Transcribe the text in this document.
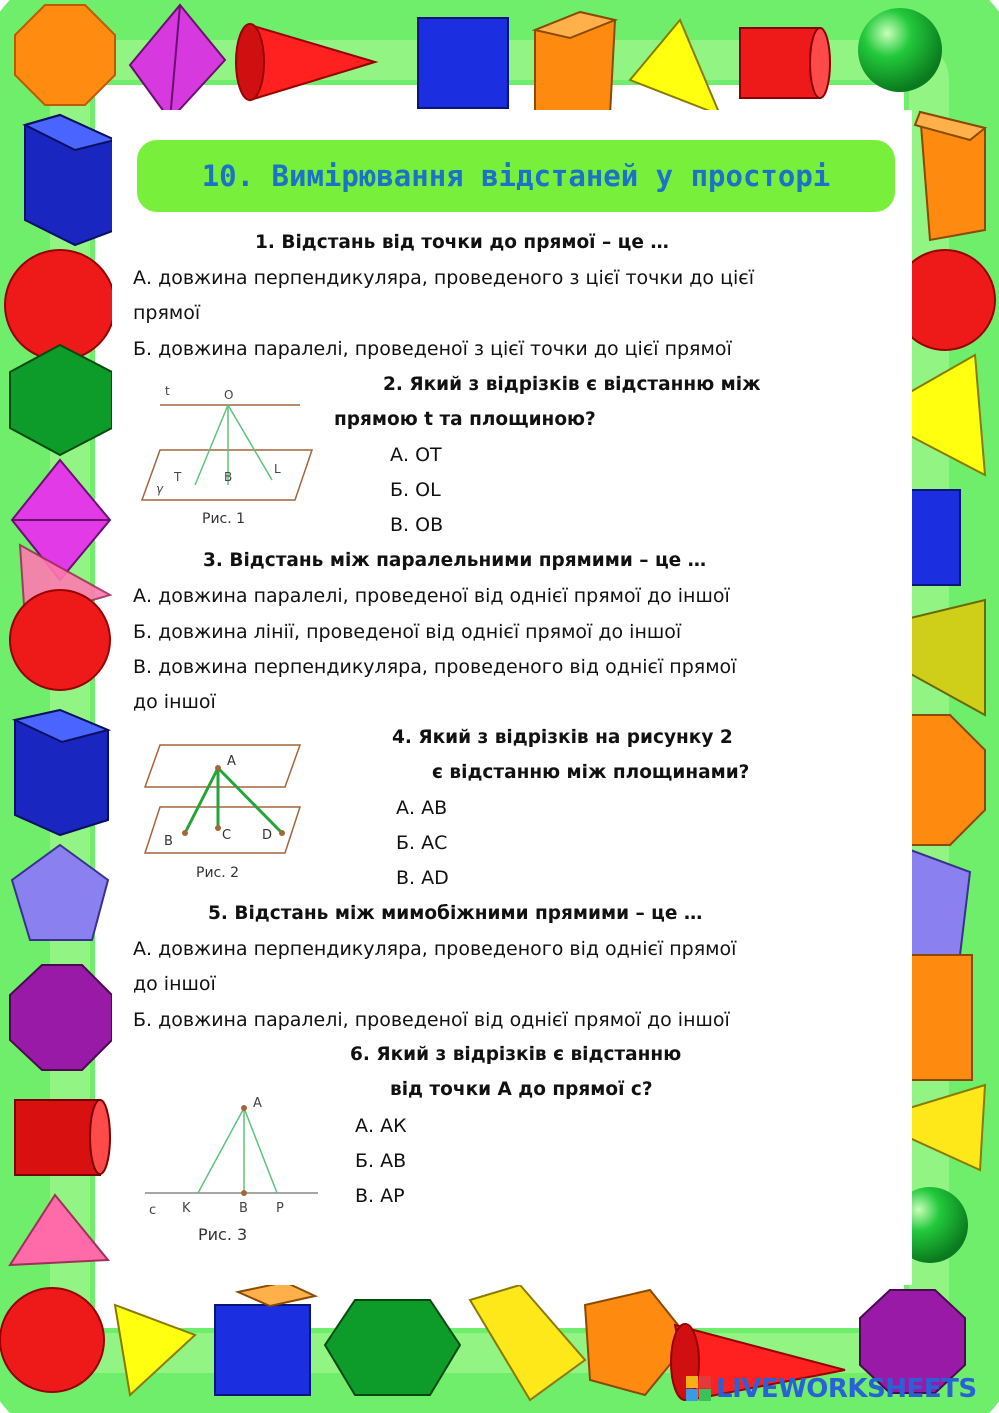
10. Вимірювання відстаней у просторі
1. Відстань від точки до прямої – це …
А. довжина перпендикуляра, проведеного з цієї точки до цієї
прямої
Б. довжина паралелі, проведеної з цієї точки до цієї прямої
t	O
T	B
L
γ
Рис. 1
2. Який з відрізків є відстанню між
прямою t та площиною?
А. ОТ
Б. ОL
В. ОВ
3. Відстань між паралельними прямими – це …
А. довжина паралелі, проведеної від однієї прямої до іншої
Б. довжина лінії, проведеної від однієї прямої до іншої
В. довжина перпендикуляра, проведеного від однієї прямої
до іншої
A
B	C D
Рис. 2
4. Який з відрізків на рисунку 2
є відстанню між площинами?
А. АВ
Б. АС
В. АD
5. Відстань між мимобіжними прямими – це …
А. довжина перпендикуляра, проведеного від однієї прямої
до іншої
Б. довжина паралелі, проведеної від однієї прямої до іншої
6. Який з відрізків є відстанню
від точки А до прямої с?
А. АК
Б. АВ
В. АР
A
c K	B P
Рис. 3
LIVEWORKSHEETS
